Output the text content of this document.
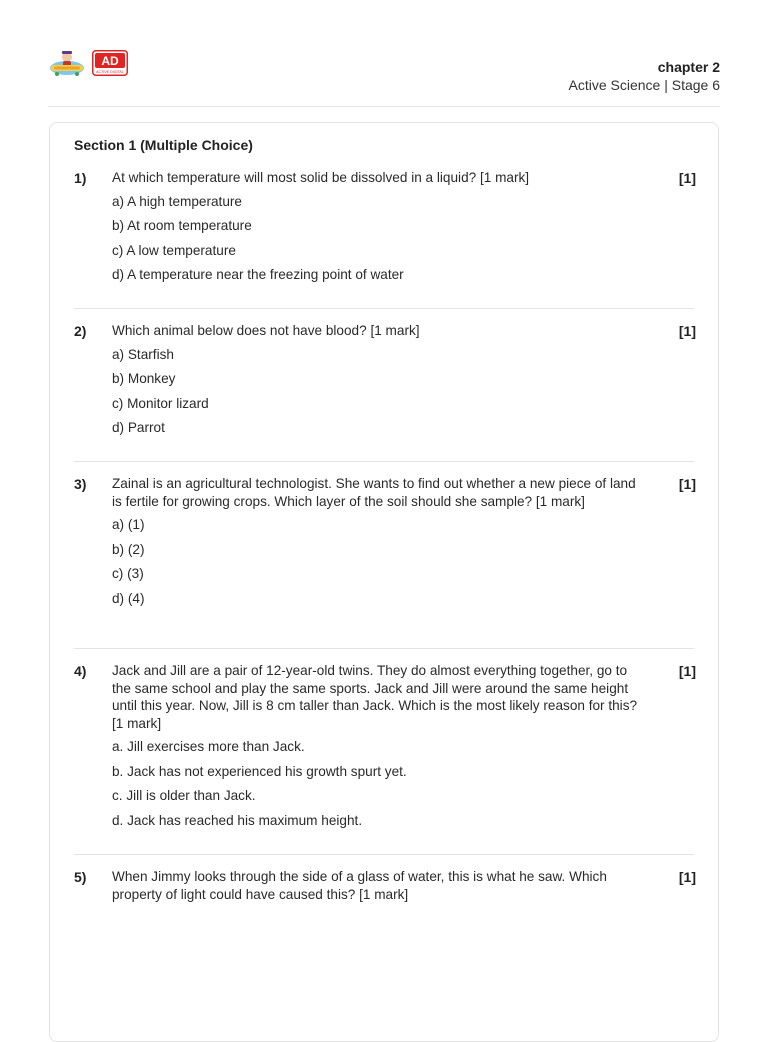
AD
ACTIVE DIGITAL	chapter 2
Active Science | Stage 6
Section 1 (Multiple Choice)
1)	[1]
At which temperature will most solid be dissolved in a liquid? [1 mark]
a) A high temperature
b) At room temperature
c) A low temperature
d) A temperature near the freezing point of water
2)	[1]
Which animal below does not have blood? [1 mark]
a) Starfish
b) Monkey
c) Monitor lizard
d) Parrot
3)	[1]
Zainal is an agricultural technologist. She wants to find out whether a new piece of land is fertile for growing crops. Which layer of the soil should she sample? [1 mark]
a) (1)
b) (2)
c) (3)
d) (4)
4)	[1]
Jack and Jill are a pair of 12-year-old twins. They do almost everything together, go to the same school and play the same sports. Jack and Jill were around the same height until this year. Now, Jill is 8 cm taller than Jack. Which is the most likely reason for this? [1 mark]
a. Jill exercises more than Jack.
b. Jack has not experienced his growth spurt yet.
c. Jill is older than Jack.
d. Jack has reached his maximum height.
5)	[1]
When Jimmy looks through the side of a glass of water, this is what he saw. Which property of light could have caused this? [1 mark]
